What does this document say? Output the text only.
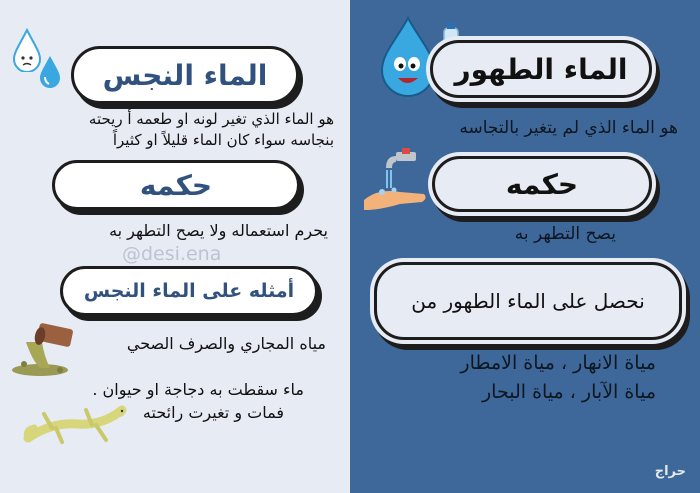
الماء النجس
هو الماء الذي تغير لونه او طعمه أ ريحته
بنجاسه سواء كان الماء قليلاً او كثيراً
حكمه
يحرم استعماله ولا يصح التطهر به
@desi.ena
أمثله على الماء النجس
مياه المجاري والصرف الصحي
ماء سقطت به دجاجة او حيوان .
فمات و تغيرت رائحته
الماء الطهور
هو الماء الذي لم يتغير بالتجاسه
حكمه
يصح التطهر به
نحصل على الماء الطهور من
مياة الانهار ، مياة الامطار
مياة الآبار ، مياة البحار
حراج
